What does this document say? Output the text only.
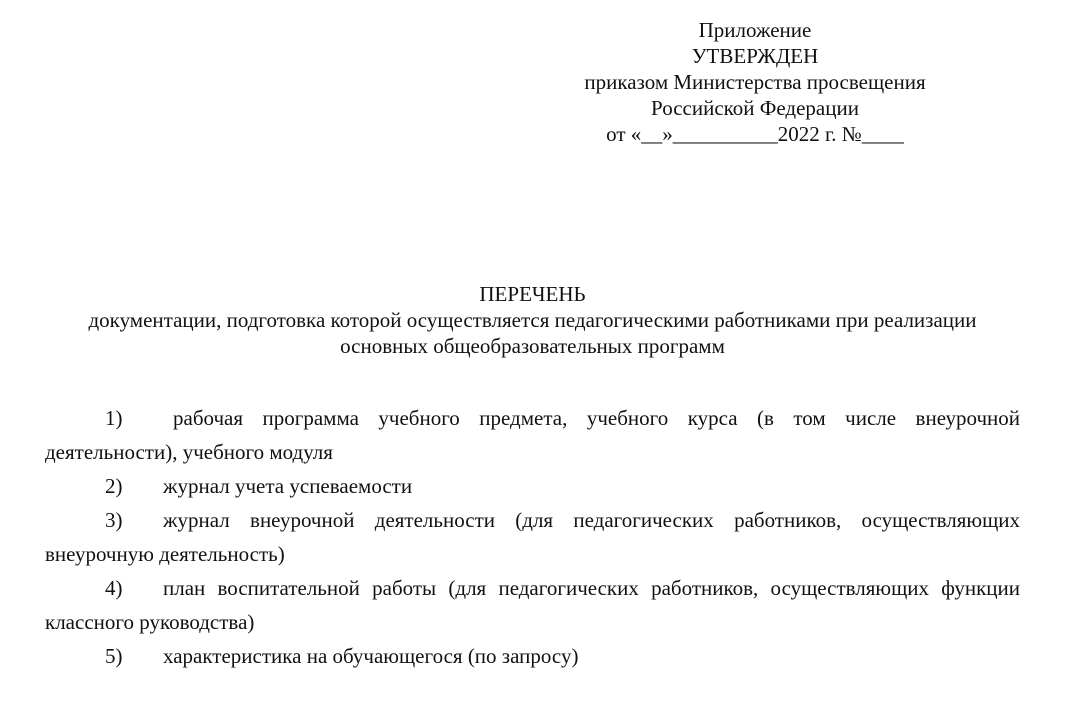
Приложение
УТВЕРЖДЕН
приказом Министерства просвещения
Российской Федерации
от «__»__________2022 г. №____
ПЕРЕЧЕНЬ
документации, подготовка которой осуществляется педагогическими работниками при реализации основных общеобразовательных программ
1) рабочая программа учебного предмета, учебного курса (в том числе внеурочной деятельности), учебного модуля
2) журнал учета успеваемости
3) журнал внеурочной деятельности (для педагогических работников, осуществляющих внеурочную деятельность)
4) план воспитательной работы (для педагогических работников, осуществляющих функции классного руководства)
5) характеристика на обучающегося (по запросу)
